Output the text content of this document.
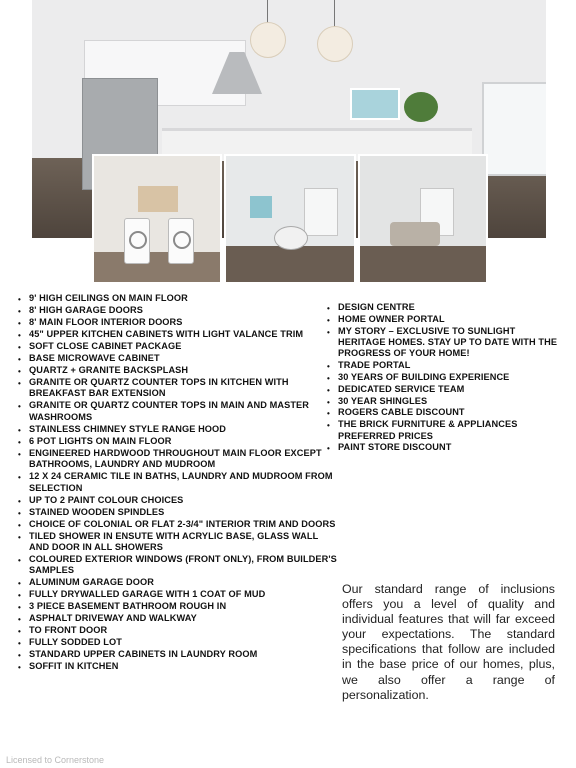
• 9' HIGH CEILINGS ON MAIN FLOOR
• 8' HIGH GARAGE DOORS
• 8' MAIN FLOOR INTERIOR DOORS
• 45" UPPER KITCHEN CABINETS WITH LIGHT VALANCE TRIM
• SOFT CLOSE CABINET PACKAGE
• BASE MICROWAVE CABINET
• QUARTZ + GRANITE BACKSPLASH
• GRANITE OR QUARTZ COUNTER TOPS IN KITCHEN WITH BREAKFAST BAR EXTENSION
• GRANITE OR QUARTZ COUNTER TOPS IN MAIN AND MASTER WASHROOMS
• STAINLESS CHIMNEY STYLE RANGE HOOD
• 6 POT LIGHTS ON MAIN FLOOR
• ENGINEERED HARDWOOD THROUGHOUT MAIN FLOOR EXCEPT BATHROOMS, LAUNDRY AND MUDROOM
• 12 X 24 CERAMIC TILE IN BATHS, LAUNDRY AND MUDROOM FROM SELECTION
• UP TO 2 PAINT COLOUR CHOICES
• STAINED WOODEN SPINDLES
• CHOICE OF COLONIAL OR FLAT 2-3/4" INTERIOR TRIM AND DOORS
• TILED SHOWER IN ENSUTE WITH ACRYLIC BASE, GLASS WALL AND DOOR IN ALL SHOWERS
• COLOURED EXTERIOR WINDOWS (FRONT ONLY), FROM BUILDER'S SAMPLES
• ALUMINUM GARAGE DOOR
• FULLY DRYWALLED GARAGE WITH 1 COAT OF MUD
• 3 PIECE BASEMENT BATHROOM ROUGH IN
• ASPHALT DRIVEWAY AND WALKWAY
• TO FRONT DOOR
• FULLY SODDED LOT
• STANDARD UPPER CABINETS IN LAUNDRY ROOM
• SOFFIT IN KITCHEN
• DESIGN CENTRE
• HOME OWNER PORTAL
• MY STORY – EXCLUSIVE TO SUNLIGHT HERITAGE HOMES. STAY UP TO DATE WITH THE PROGRESS OF YOUR HOME!
• TRADE PORTAL
• 30 YEARS OF BUILDING EXPERIENCE
• DEDICATED SERVICE TEAM
• 30 YEAR SHINGLES
• ROGERS CABLE DISCOUNT
• THE BRICK FURNITURE & APPLIANCES PREFERRED PRICES
• PAINT STORE DISCOUNT
Our standard range of inclusions offers you a level of quality and individual features that will far exceed your expectations. The standard specifications that follow are included in the base price of our homes, plus, we also offer a range of personalization.
Licensed to Cornerstone
